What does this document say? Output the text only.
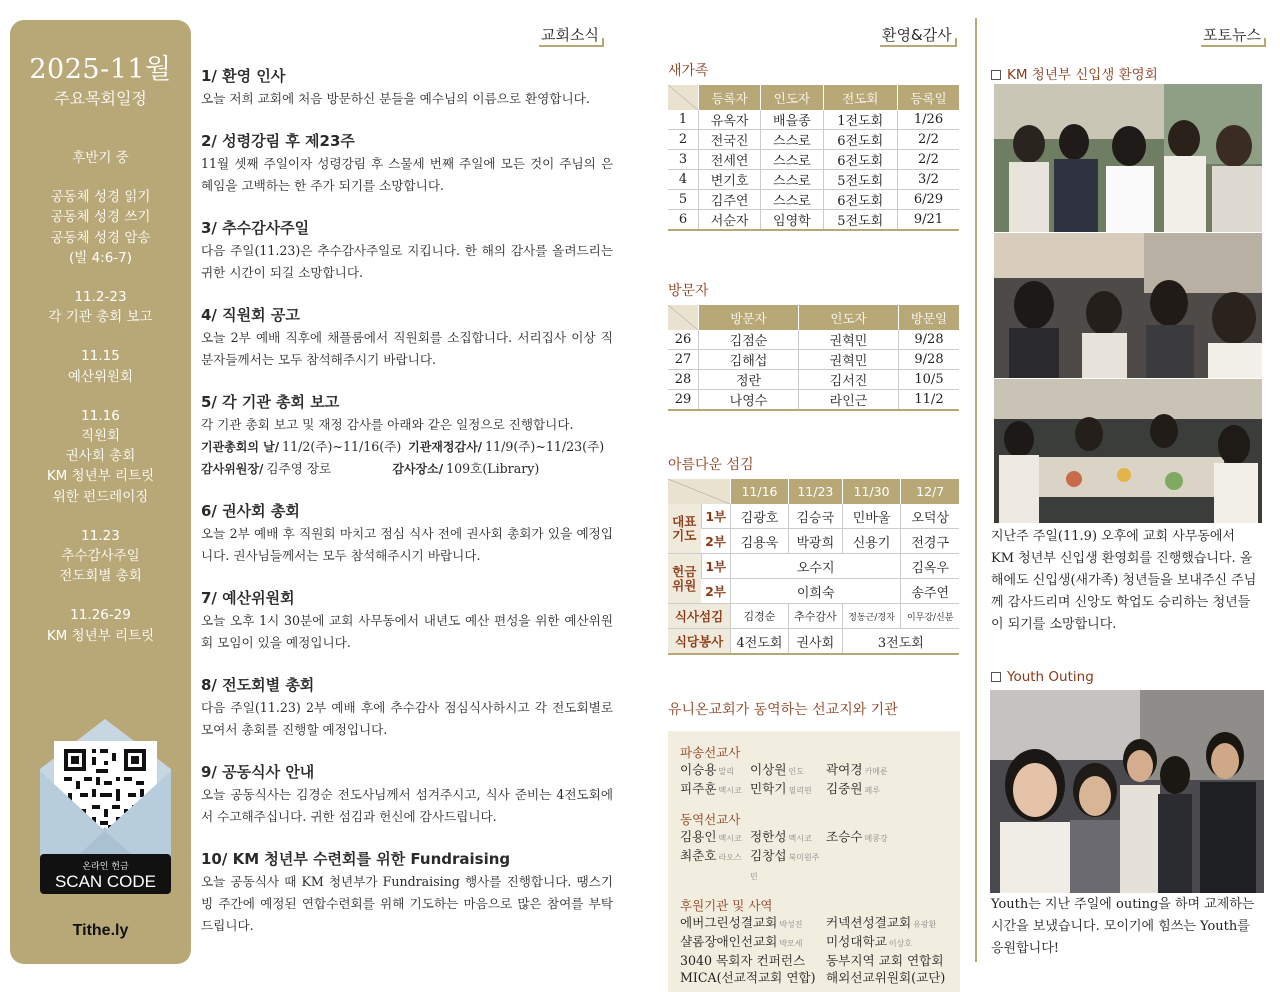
2025-11월
주요목회일정
후반기 중
공동체 성경 읽기
공동체 성경 쓰기
공동체 성경 암송
(빌 4:6-7)
11.2-23
각 기관 총회 보고
11.15
예산위원회
11.16
직원회
권사회 총회
KM 청년부 리트릿
위한 펀드레이징
11.23
추수감사주일
전도회별 총회
11.26-29
KM 청년부 리트릿
온라인 헌금
SCAN CODE
Tithe.ly
교회소식	환영&감사	포토뉴스
1/ 환영 인사
오늘 저희 교회에 처음 방문하신 분들을 예수님의 이름으로 환영합니다.
2/ 성령강림 후 제23주
11월 셋째 주일이자 성령강림 후 스물세 번째 주일에 모든 것이 주님의 은혜임을 고백하는 한 주가 되기를 소망합니다.
3/ 추수감사주일
다음 주일(11.23)은 추수감사주일로 지킵니다. 한 해의 감사를 올려드리는 귀한 시간이 되길 소망합니다.
4/ 직원회 공고
오늘 2부 예배 직후에 채플룸에서 직원회를 소집합니다. 서리집사 이상 직분자들께서는 모두 참석해주시기 바랍니다.
5/ 각 기관 총회 보고
각 기관 총회 보고 및 재정 감사를 아래와 같은 일정으로 진행합니다.
기관총회의 날/ 11/2(주)~11/16(주) 기관재정감사/ 11/9(주)~11/23(주)
감사위원장/ 김주영 장로	감사장소/ 109호(Library)
6/ 권사회 총회
오늘 2부 예배 후 직원회 마치고 점심 식사 전에 권사회 총회가 있을 예정입니다. 권사님들께서는 모두 참석해주시기 바랍니다.
7/ 예산위원회
오늘 오후 1시 30분에 교회 사무동에서 내년도 예산 편성을 위한 예산위원회 모임이 있을 예정입니다.
8/ 전도회별 총회
다음 주일(11.23) 2부 예배 후에 추수감사 점심식사하시고 각 전도회별로 모여서 총회를 진행할 예정입니다.
9/ 공동식사 안내
오늘 공동식사는 김경순 전도사님께서 섬겨주시고, 식사 준비는 4전도회에서 수고해주십니다. 귀한 섬김과 헌신에 감사드립니다.
10/ KM 청년부 수련회를 위한 Fundraising
오늘 공동식사 때 KM 청년부가 Fundraising 행사를 진행합니다. 땡스기빙 주간에 예정된 연합수련회를 위해 기도하는 마음으로 많은 참여를 부탁드립니다.
새가족
	등록자	인도자	전도회	등록일
1	유옥자	배을종	1전도회	1/26
2	전국진	스스로	6전도회	2/2
3	전세연	스스로	6전도회	2/2
4	변기호	스스로	5전도회	3/2
5	김주연	스스로	6전도회	6/29
6	서순자	임영학	5전도회	9/21
방문자
	방문자	인도자	방문일
26	김점순	권혁민	9/28
27	김해섭	권혁민	9/28
28	정란	김서진	10/5
29	나영수	라인근	11/2
아름다운 섬김
		11/16	11/23	11/30	12/7
대표기도	1부	김광호	김승국	민바울	오덕상
	2부	김용욱	박광희	신용기	전경구
헌금위원	1부	오수지			김옥우
	2부	이희숙			송주연
식사섬김		김경순	추수감사	정동근/경자	이무강/신분
식당봉사		4전도회	권사회	3전도회	
유니온교회가 동역하는 선교지와 기관
파송선교사
이승용 말리	이상원 인도	곽여경 카메룬
피주훈 멕시코 민학기 필리핀	김중원 페루
동역선교사
김용인 멕시코 정한성 멕시코	조승수 메콩강
최춘호 라오스 김창섭 북미원주민
후원기관 및 사역
에버그린성결교회 박성진	커넥션성결교회 유광환
샬롬장애인선교회 박모세	미성대학교 이상호
3040 목회자 컨퍼런스	동부지역 교회 연합회
MICA(선교적교회 연합) 해외선교위원회(교단)
KM 청년부 신입생 환영회
지난주 주일(11.9) 오후에 교회 사무동에서 KM 청년부 신입생 환영회를 진행했습니다. 올해에도 신입생(새가족) 청년들을 보내주신 주님께 감사드리며 신앙도 학업도 승리하는 청년들이 되기를 소망합니다.
Youth Outing
Youth는 지난 주일에 outing을 하며 교제하는 시간을 보냈습니다. 모이기에 힘쓰는 Youth를 응원합니다!
